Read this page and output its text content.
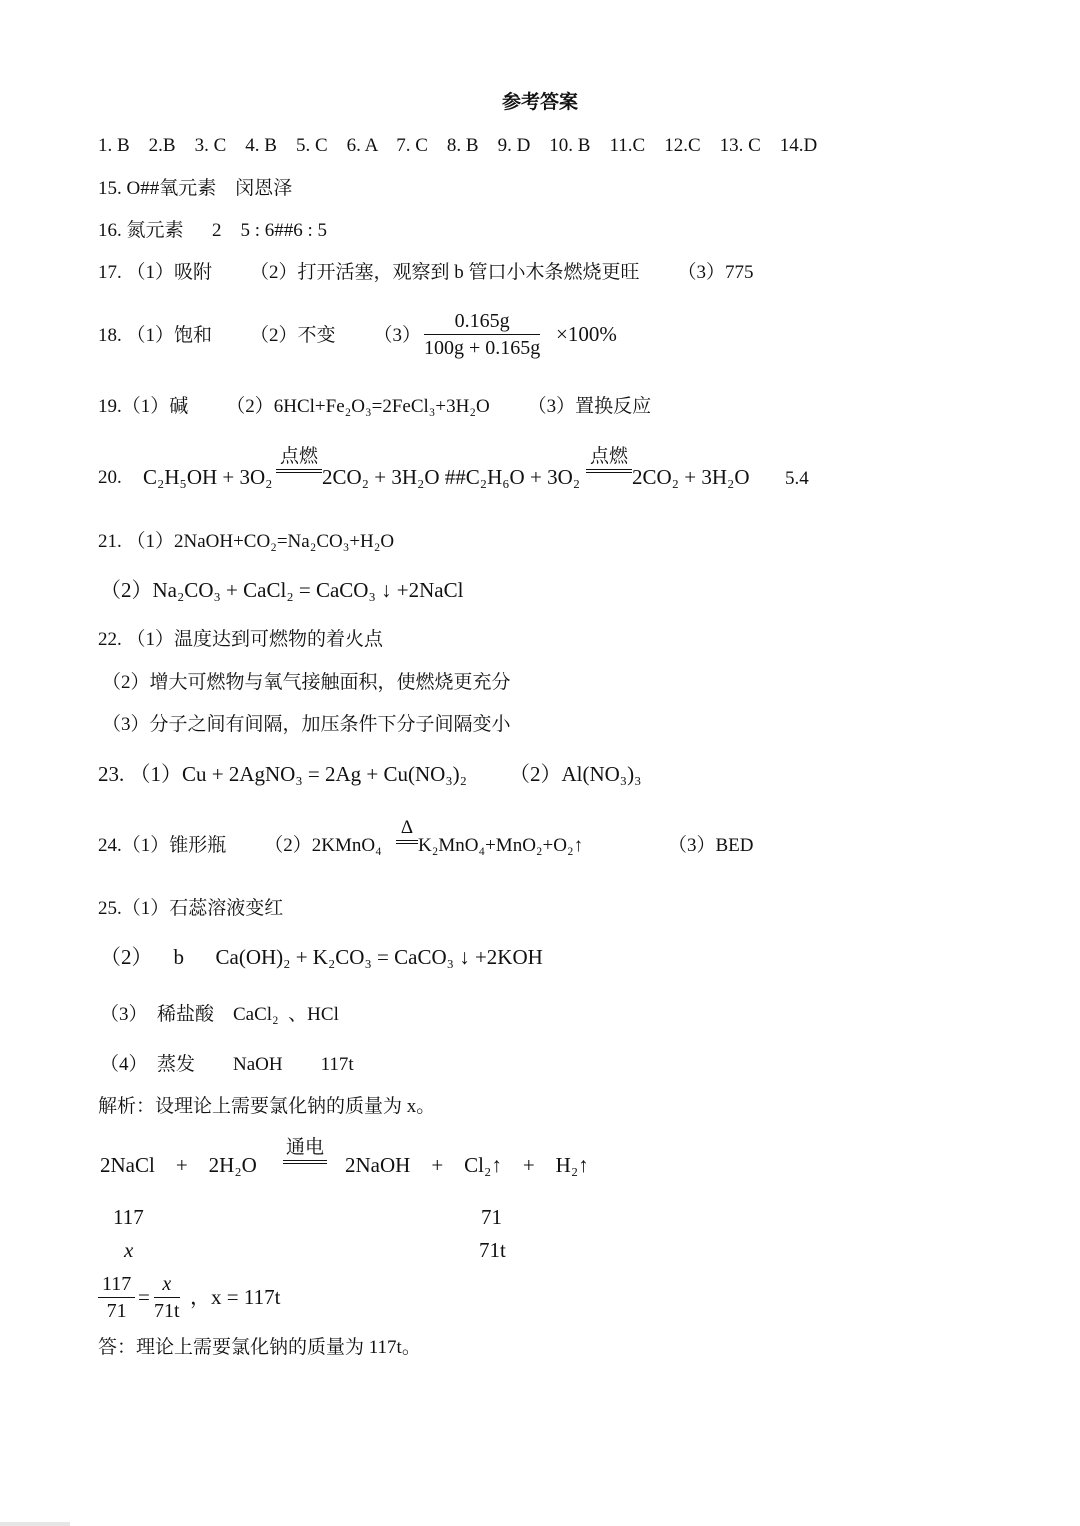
参考答案
1. B    2.B    3. C    4. B    5. C    6. A    7. C    8. B    9. D    10. B    11.C    12.C    13. C    14.D
15. O##氧元素    闵恩泽
16. 氮元素      2    5 : 6##6 : 5
17. （1）吸附        （2）打开活塞，观察到 b 管口小木条燃烧更旺        （3）775
18. （1）饱和        （2）不变        $(3) \frac{0.165g}{100g + 0.165g} \times 100\%$
19.（1）碱        （2）6HCl+Fe₂O₃=2FeCl₃+3H₂O        （3）置换反应
20. C₂H₅OH + 3O₂
点燃
2CO₂ + 3H₂O ##C₂H₆O + 3O₂
点燃
2CO₂ + 3H₂O 5.4
21. （1）2NaOH+CO₂=Na₂CO₃+H₂O
（2）Na₂CO₃ + CaCl₂ = CaCO₃ ↓ +2NaCl
22. （1）温度达到可燃物的着火点
（2）增大可燃物与氧气接触面积，使燃烧更充分
（3）分子之间有间隔，加压条件下分子间隔变小
23. （1）Cu + 2AgNO₃ = 2Ag + Cu(NO₃)₂        （2）Al(NO₃)₃
24.（1）锥形瓶        （2）2KMnO₄
Δ
K₂MnO₄+MnO₂+O₂↑	（3）BED
25.（1）石蕊溶液变红
（2）    b      Ca(OH)₂ + K₂CO₃ = CaCO₃ ↓ +2KOH
（3）  稀盐酸    CaCl₂  、HCl
（4）  蒸发        NaOH        117t
解析：设理论上需要氯化钠的质量为 x。
2NaCl    +    2H₂O
通电
2NaOH    +    Cl₂↑    +    H₂↑
117	71
x	71t
$\frac{117}{71} = \frac{x}{71t}$ ，x = 117t
答：理论上需要氯化钠的质量为 117t。
